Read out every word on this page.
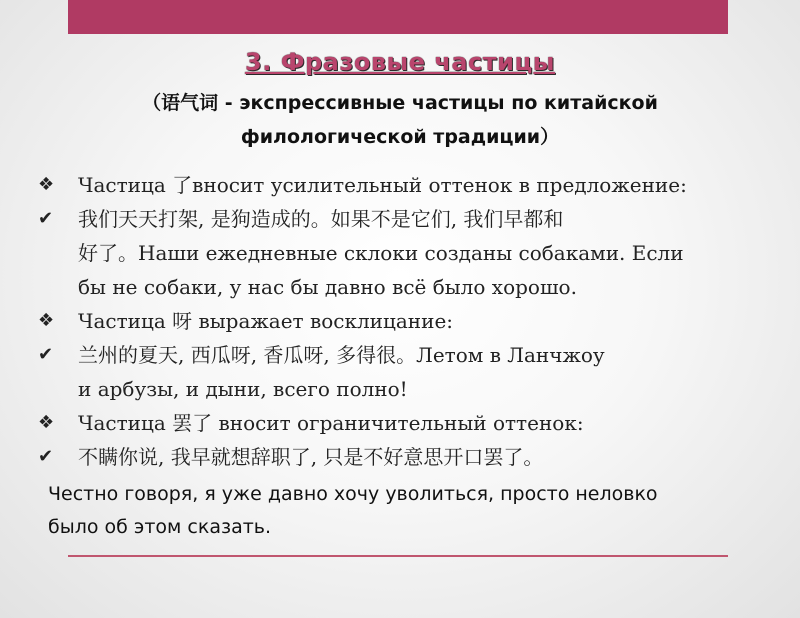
3. Фразовые частицы
（语气词 - экспрессивные частицы по китайской
филологической традиции）
❖	Частица 了вносит усилительный оттенок в предложение:
✔	我们天天打架, 是狗造成的。如果不是它们, 我们早都和
好了。Наши ежедневные склоки созданы собаками. Если
бы не собаки, у нас бы давно всё было хорошо.
❖	Частица 呀 выражает восклицание:
✔	兰州的夏天, 西瓜呀, 香瓜呀, 多得很。Летом в Ланчжоу
и арбузы, и дыни, всего полно!
❖	Частица 罢了 вносит ограничительный оттенок:
✔	不瞒你说, 我早就想辞职了, 只是不好意思开口罢了。
Честно говоря, я уже давно хочу уволиться, просто неловко
было об этом сказать.
